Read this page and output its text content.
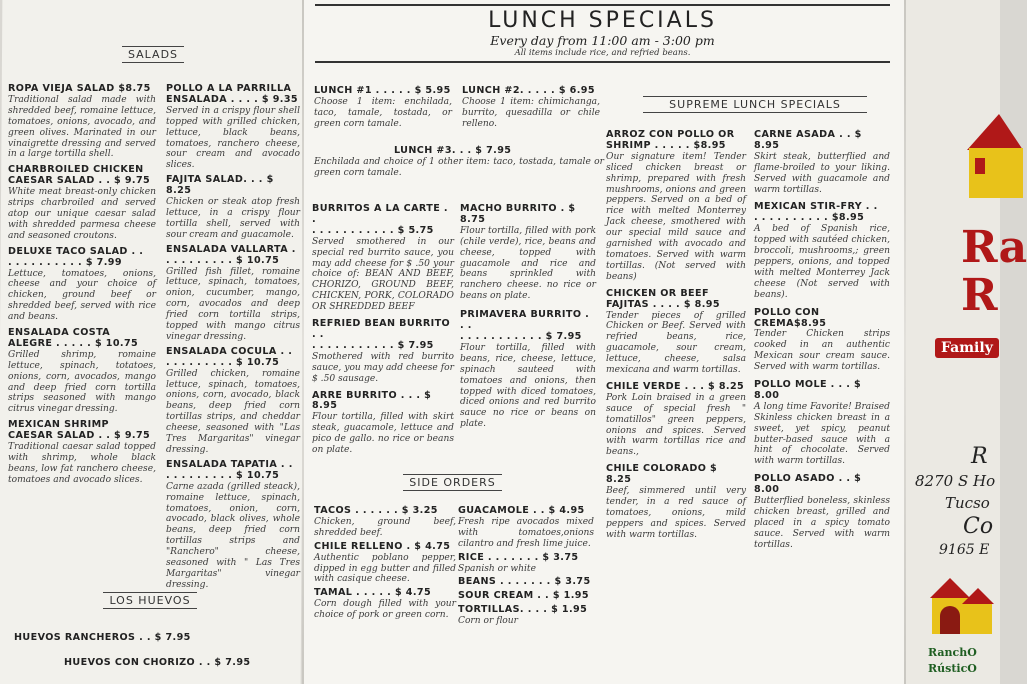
SALADS
ROPA VIEJA SALAD $8.75
Traditional salad made with shredded beef, romaine lettuce, tomatoes, onions, avocado, and green olives. Marinated in our vinaigrette dressing and served in a large tortilla shell.
CHARBROILED CHICKEN
CAESAR SALAD . . $ 9.75
White meat breast-only chicken strips charbroiled and served atop our unique caesar salad with shredded parmesa cheese and seasoned croutons.
DELUXE TACO SALAD . .
. . . . . . . . . . $ 7.99
Lettuce, tomatoes, onions, cheese and your choice of chicken, ground beef or shredded beef, served with rice and beans.
ENSALADA COSTA
ALEGRE . . . . . $ 10.75
Grilled shrimp, romaine lettuce, spinach, totatoes, onions, corn, avocados, mango and deep fried corn tortilla strips seasoned with mango citrus vinegar dressing.
MEXICAN SHRIMP
CAESAR SALAD . . $ 9.75
Traditional caesar salad topped with shrimp, whole black beans, low fat ranchero cheese, tomatoes and avocado slices.
POLLO A LA PARRILLA
ENSALADA . . . . $ 9.35
Served in a crispy flour shell topped with grilled chicken, lettuce, black beans, tomatoes, ranchero cheese, sour cream and avocado slices.
FAJITA SALAD. . . $ 8.25
Chicken or steak atop fresh lettuce, in a crispy flour tortilla shell, served with sour cream and guacamole.
ENSALADA VALLARTA .
. . . . . . . . . $ 10.75
Grilled fish fillet, romaine lettuce, spinach, tomatoes, onion, cucumber, mango, corn, avocados and deep fried corn tortilla strips, topped with mango citrus vinegar dressing.
ENSALADA COCULA . .
. . . . . . . . . $ 10.75
Grilled chicken, romaine lettuce, spinach, tomatoes, onions, corn, avocado, black beans, deep fried corn tortillas strips, and cheddar cheese, seasoned with "Las Tres Margaritas" vinegar dressing.
ENSALADA TAPATIA . .
. . . . . . . . . $ 10.75
Carne azada (grilled steack), romaine lettuce, spinach, tomatoes, onion, corn, avocado, black olives, whole beans, deep fried corn tortillas strips and "Ranchero" cheese, seasoned with " Las Tres Margaritas" vinegar dressing.
LOS HUEVOS
HUEVOS RANCHEROS . . $ 7.95
HUEVOS CON CHORIZO . . $ 7.95
LUNCH SPECIALS
Every day from 11:00 am - 3:00 pm
All items include rice, and refried beans.
LUNCH #1 . . . . . $ 5.95
Choose 1 item: enchilada, taco, tamale, tostada, or green corn tamale.
LUNCH #2. . . . . $ 6.95
Choose 1 item: chimichanga, burrito, quesadilla or chile relleno.
LUNCH #3. . . $ 7.95
Enchilada and choice of 1 other item: taco, tostada, tamale or green corn tamale.
BURRITOS A LA CARTE . .
. . . . . . . . . . . $ 5.75
Served smothered in our special red burrito sauce, you may add cheese for $ .50 your choice of: BEAN AND BEEF, CHORIZO, GROUND BEEF, CHICKEN, PORK, COLORADO OR SHREDDED BEEF
REFRIED BEAN BURRITO . .
. . . . . . . . . . . $ 7.95
Smothered with red burrito sauce, you may add cheese for $ .50 sausage.
ARRE BURRITO . . . $ 8.95
Flour tortilla, filled with skirt steak, guacamole, lettuce and pico de gallo. no rice or beans on plate.
MACHO BURRITO . $ 8.75
Flour tortilla, filled with pork (chile verde), rice, beans and cheese, topped with guacamole and rice and beans sprinkled with ranchero cheese. no rice or beans on plate.
PRIMAVERA BURRITO . . .
. . . . . . . . . . . $ 7.95
Flour tortilla, filled with beans, rice, cheese, lettuce, spinach sauteed with tomatoes and onions, then topped with diced tomatoes, diced onions and red burrito sauce no rice or beans on plate.
SIDE ORDERS
TACOS . . . . . . $ 3.25
Chicken, ground beef, shredded beef.
CHILE RELLENO . $ 4.75
Authentic poblano pepper, dipped in egg butter and filled with casique cheese.
TAMAL . . . . . $ 4.75
Corn dough filled with your choice of pork or green corn.
GUACAMOLE . . $ 4.95
Fresh ripe avocados mixed with tomatoes,onions cilantro and fresh lime juice.
RICE . . . . . . . $ 3.75
Spanish or white
BEANS . . . . . . . $ 3.75
SOUR CREAM . . $ 1.95
TORTILLAS. . . . $ 1.95
Corn or flour
SUPREME LUNCH SPECIALS
ARROZ CON POLLO OR
SHRIMP . . . . . $8.95
Our signature item! Tender sliced chicken breast or shrimp, prepared with fresh mushrooms, onions and green peppers. Served on a bed of rice with melted Monterrey Jack cheese, smothered with our special mild sauce and garnished with avocado and tomatoes. Served with warm tortillas. (Not served with beans)
CHICKEN OR BEEF
FAJITAS . . . . $ 8.95
Tender pieces of grilled Chicken or Beef. Served with refried beans, rice, guacamole, sour cream, lettuce, cheese, salsa mexicana and warm tortillas.
CHILE VERDE . . . $ 8.25
Pork Loin braised in a green sauce of special fresh " tomatillos" green peppers, onions and spices. Served with warm tortillas rice and beans.,
CHILE COLORADO $ 8.25
Beef, simmered until very tender, in a red sauce of tomatoes, onions, mild peppers and spices. Served with warm tortillas.
CARNE ASADA . . $ 8.95
Skirt steak, butterflied and flame-broiled to your liking. Served with guacamole and warm tortillas.
MEXICAN STIR-FRY . .
. . . . . . . . . . $8.95
A bed of Spanish rice, topped with sautéed chicken, broccoli, mushrooms,; green peppers, onions, and topped with melted Monterrey Jack cheese (Not served with beans).
POLLO CON CREMA$8.95
Tender Chicken strips cooked in an authentic Mexican sour cream sauce. Served with warm tortillas.
POLLO MOLE . . . $ 8.00
A long time Favorite! Braised Skinless chicken breast in a sweet, yet spicy, peanut butter-based sauce with a hint of chocolate. Served with warm tortillas.
POLLO ASADO . . $ 8.00
Butterflied boneless, skinless chicken breast, grilled and placed in a spicy tomato sauce. Served with warm tortillas.
Ra
R
Family
R
8270 S Ho
Tucso
Co
9165 E
RanchO
RústicO
